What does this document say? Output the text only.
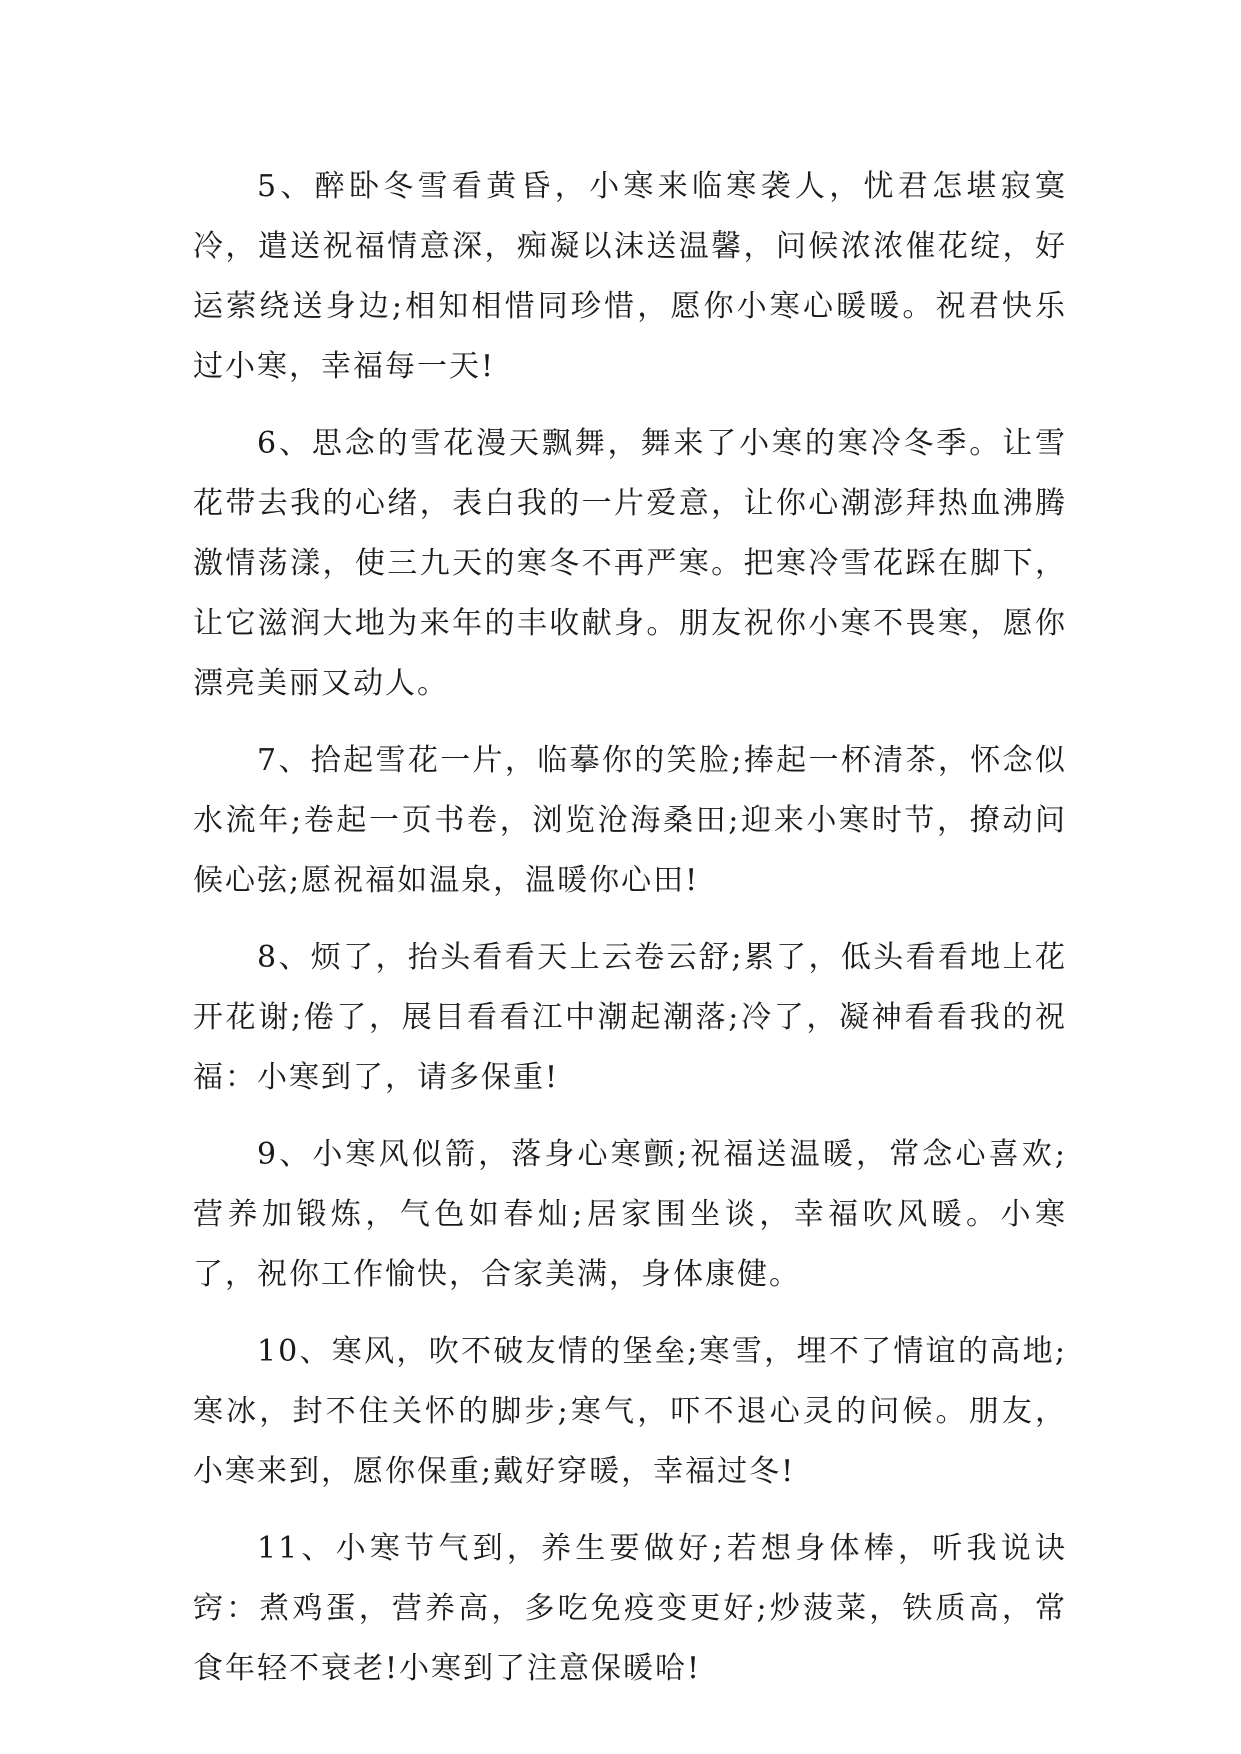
5、醉卧冬雪看黄昏，小寒来临寒袭人，忧君怎堪寂寞冷，遣送祝福情意深，痴凝以沫送温馨，问候浓浓催花绽，好运萦绕送身边;相知相惜同珍惜，愿你小寒心暖暖。祝君快乐过小寒，幸福每一天!

6、思念的雪花漫天飘舞，舞来了小寒的寒冷冬季。让雪花带去我的心绪，表白我的一片爱意，让你心潮澎拜热血沸腾激情荡漾，使三九天的寒冬不再严寒。把寒冷雪花踩在脚下，让它滋润大地为来年的丰收献身。朋友祝你小寒不畏寒，愿你漂亮美丽又动人。

7、拾起雪花一片，临摹你的笑脸;捧起一杯清茶，怀念似水流年;卷起一页书卷，浏览沧海桑田;迎来小寒时节，撩动问候心弦;愿祝福如温泉，温暖你心田!

8、烦了，抬头看看天上云卷云舒;累了，低头看看地上花开花谢;倦了，展目看看江中潮起潮落;冷了，凝神看看我的祝福：小寒到了，请多保重!

9、小寒风似箭，落身心寒颤;祝福送温暖，常念心喜欢;营养加锻炼，气色如春灿;居家围坐谈，幸福吹风暖。小寒了，祝你工作愉快，合家美满，身体康健。

10、寒风，吹不破友情的堡垒;寒雪，埋不了情谊的高地;寒冰，封不住关怀的脚步;寒气，吓不退心灵的问候。朋友，小寒来到，愿你保重;戴好穿暖，幸福过冬!

11、小寒节气到，养生要做好;若想身体棒，听我说诀窍：煮鸡蛋，营养高，多吃免疫变更好;炒菠菜，铁质高，常食年轻不衰老!小寒到了注意保暖哈!
